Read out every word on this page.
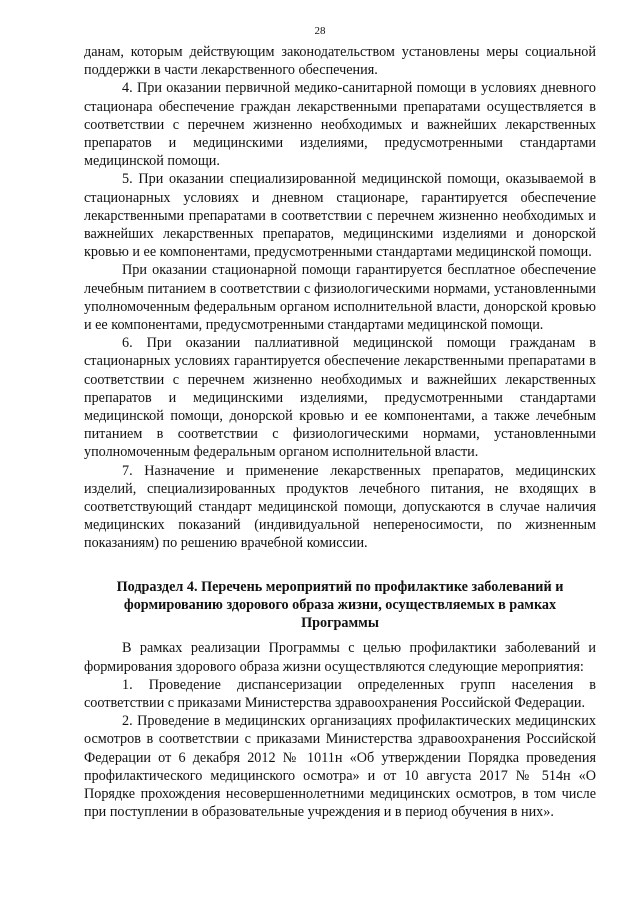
28

данам, которым действующим законодательством установлены меры социальной поддержки в части лекарственного обеспечения.

4. При оказании первичной медико-санитарной помощи в условиях дневного стационара обеспечение граждан лекарственными препаратами осуществляется в соответствии с перечнем жизненно необходимых и важнейших лекарственных препаратов и медицинскими изделиями, предусмотренными стандартами медицинской помощи.

5. При оказании специализированной медицинской помощи, оказываемой в стационарных условиях и дневном стационаре, гарантируется обеспечение лекарственными препаратами в соответствии с перечнем жизненно необходимых и важнейших лекарственных препаратов, медицинскими изделиями и донорской кровью и ее компонентами, предусмотренными стандартами медицинской помощи.

При оказании стационарной помощи гарантируется бесплатное обеспечение лечебным питанием в соответствии с физиологическими нормами, установленными уполномоченным федеральным органом исполнительной власти, донорской кровью и ее компонентами, предусмотренными стандартами медицинской помощи.

6. При оказании паллиативной медицинской помощи гражданам в стационарных условиях гарантируется обеспечение лекарственными препаратами в соответствии с перечнем жизненно необходимых и важнейших лекарственных препаратов и медицинскими изделиями, предусмотренными стандартами медицинской помощи, донорской кровью и ее компонентами, а также лечебным питанием в соответствии с физиологическими нормами, установленными уполномоченным федеральным органом исполнительной власти.

7. Назначение и применение лекарственных препаратов, медицинских изделий, специализированных продуктов лечебного питания, не входящих в соответствующий стандарт медицинской помощи, допускаются в случае наличия медицинских показаний (индивидуальной непереносимости, по жизненным показаниям) по решению врачебной комиссии.

Подраздел 4. Перечень мероприятий по профилактике заболеваний и формированию здорового образа жизни, осуществляемых в рамках Программы

В рамках реализации Программы с целью профилактики заболеваний и формирования здорового образа жизни осуществляются следующие мероприятия:

1. Проведение диспансеризации определенных групп населения в соответствии с приказами Министерства здравоохранения Российской Федерации.

2. Проведение в медицинских организациях профилактических медицинских осмотров в соответствии с приказами Министерства здравоохранения Российской Федерации от 6 декабря 2012 № 1011н «Об утверждении Порядка проведения профилактического медицинского осмотра» и от 10 августа 2017 № 514н «О Порядке прохождения несовершеннолетними медицинских осмотров, в том числе при поступлении в образовательные учреждения и в период обучения в них».
